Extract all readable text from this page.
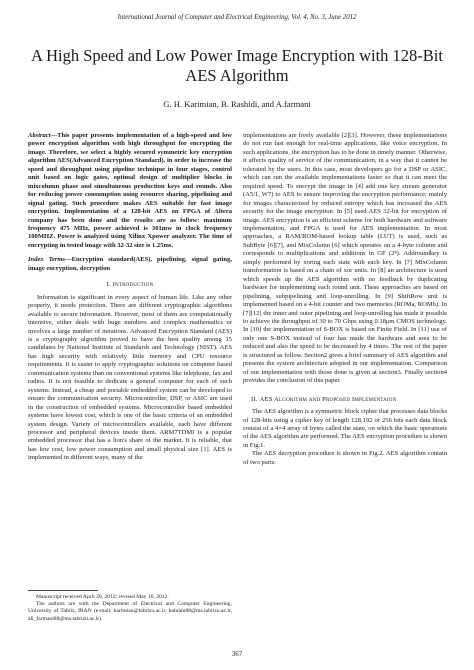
International Journal of Computer and Electrical Engineering, Vol. 4, No. 3, June 2012
A High Speed and Low Power Image Encryption with 128-Bit AES Algorithm
G. H. Karimian, B. Rashidi, and A.farmani

Abstract—This paper presents implementation of a high-speed and low power encryption algorithm with high throughput for encrypting the image. Therefore, we select a highly secured symmetric key encryption algorithm AES(Advanced Encryption Standard), in order to increase the speed and throughput using pipeline technique in four stages, control unit based on logic gates, optimal design of multiplier blocks in mixcolumn phase and simultaneous production keys and rounds. Also for reducing power consumption using resource sharing, pipelining and signal gating. Such procedure makes AES suitable for fast image encryption. Implementation of a 128-bit AES on FPGA of Altera company has been done and the results are as follow: maximum frequency 475 MHz, power achieved is 301mw in clock frequency 100MHZ. Power is analyzed using Xilinx Xpower analyzer. The time of encrypting in tested image with 32-32 size is 1.25ms.

Index Terms—Encryption standard(AES), pipelining, signal gating, image encryption, decryption

I. Introduction

Information is significant in every aspect of human life. Like any other property, it needs protection. There are different cryptographic algorithms available to secure information. However, most of them are computationally intensive, either deals with huge numbers and complex mathematics or involves a large number of iterations. Advanced Encryption Standard (AES) is a cryptography algorithm proved to have the best quality among 15 candidates by National Institute of Standards and Technology (NIST). AES has high security with relatively little memory and CPU resource requirements. It is easier to apply cryptographic solutions on computer based communication systems than on conventional systems like telephone, fax and radios. It is not feasible to dedicate a general computer for each of such systems. Instead, a cheap and portable embedded system can be developed to ensure the communication security. Microcontroller, DSP, or ASIC are used in the construction of embedded systems. Microcontroller based embedded systems have lowest cost, which is one of the basic criteria of an embedded system design. Variety of microcontrollers available, each have different processor and peripheral devices inside them. ARM7TDMI is a popular embedded processor that has a lion's share of the market. It is reliable, that has low cost, low power consumption and small physical size [1]. AES is implemented in different ways, many of the

implementations are freely available [2][3]. However, these implementations do not run fast enough for real-time applications, like voice encryption. In such applications, the encryption has to be done in timely manner. Otherwise, it affects quality of service of the communication, in a way that it cannot be tolerated by the users. In this case, most developers go for a DSP or ASIC, which can run the available implementations faster so that it can meet the required speed. To encrypt the image in [4] add one key stream generator (A5/1, W7) to AES to ensure improving the encryption performance; mainly for images characterized by reduced entropy which has increased the AES security for the image encryption. In [5] used AES 32-bit for encryption of image. AES encryption is an efficient scheme for both hardware and software implementation, and FPGA is used for AES implementation. In most approaches, a RAM/ROM-based lookup table (LUT) is used, such as SubByte [6][7], and MixColumn [6] which operates on a 4-byte column and corresponds to multiplications and additions in GF (2⁸). Addroundkey is simply performed by xoring each state with each key. In [7] MixColumn transformation is based on a chain of xor units. In [8] an architecture is used which speeds up the AES algorithm with no feedback by duplicating hardware for implementing each round unit. These approaches are based on pipelining, subpipelining and loop-unrolling. In [9] ShiftRow unit is implemented based on a 4-bit counter and two memories (ROMa, ROMb). In [7][12] the inner and outer pipelining and loop-unrolling has made it possible to achieve the throughput of 30 to 70 Gbps using 0.18μm CMOS technology. In [10] the implementation of S-BOX is based on Finite Field. In [11] use of only one S-BOX instead of four has made the hardware and area to be reduced and also the speed to be decreased by 4 times. The rest of the paper is structured as follow. Section2 gives a brief summary of AES algorithm and presents the system architecture adopted in our implementation. Comparison of our implementation with those done is given at section3. Finally section4 provides the conclusion of this paper.

II. AES Algorithm and Proposed Implementaion

The AES algorithm is a symmetric block cipher that processes data blocks of 128-bits using a cipher key of length 128,192 or 256 bits each data block consist of a 4×4 array of bytes called the state, on which the basic operations of the AES algorithm are performed. The AES encryption procedure is shown in Fig.1.

The AES decryption procedure is shown in Fig.2. AES algorithm contain of two parts:

Manuscript received April 20, 2012; revised May 16, 2012.

The authors are with the Department of Electrical and Computer Engineering, University of Tabriz, IRAN (e-mail: karimian@tabrizu.ac.ir, bahram88@ms.tabrizu.ac.ir, ali_farmani88@ms.tabrizu.ac.ir).

367
